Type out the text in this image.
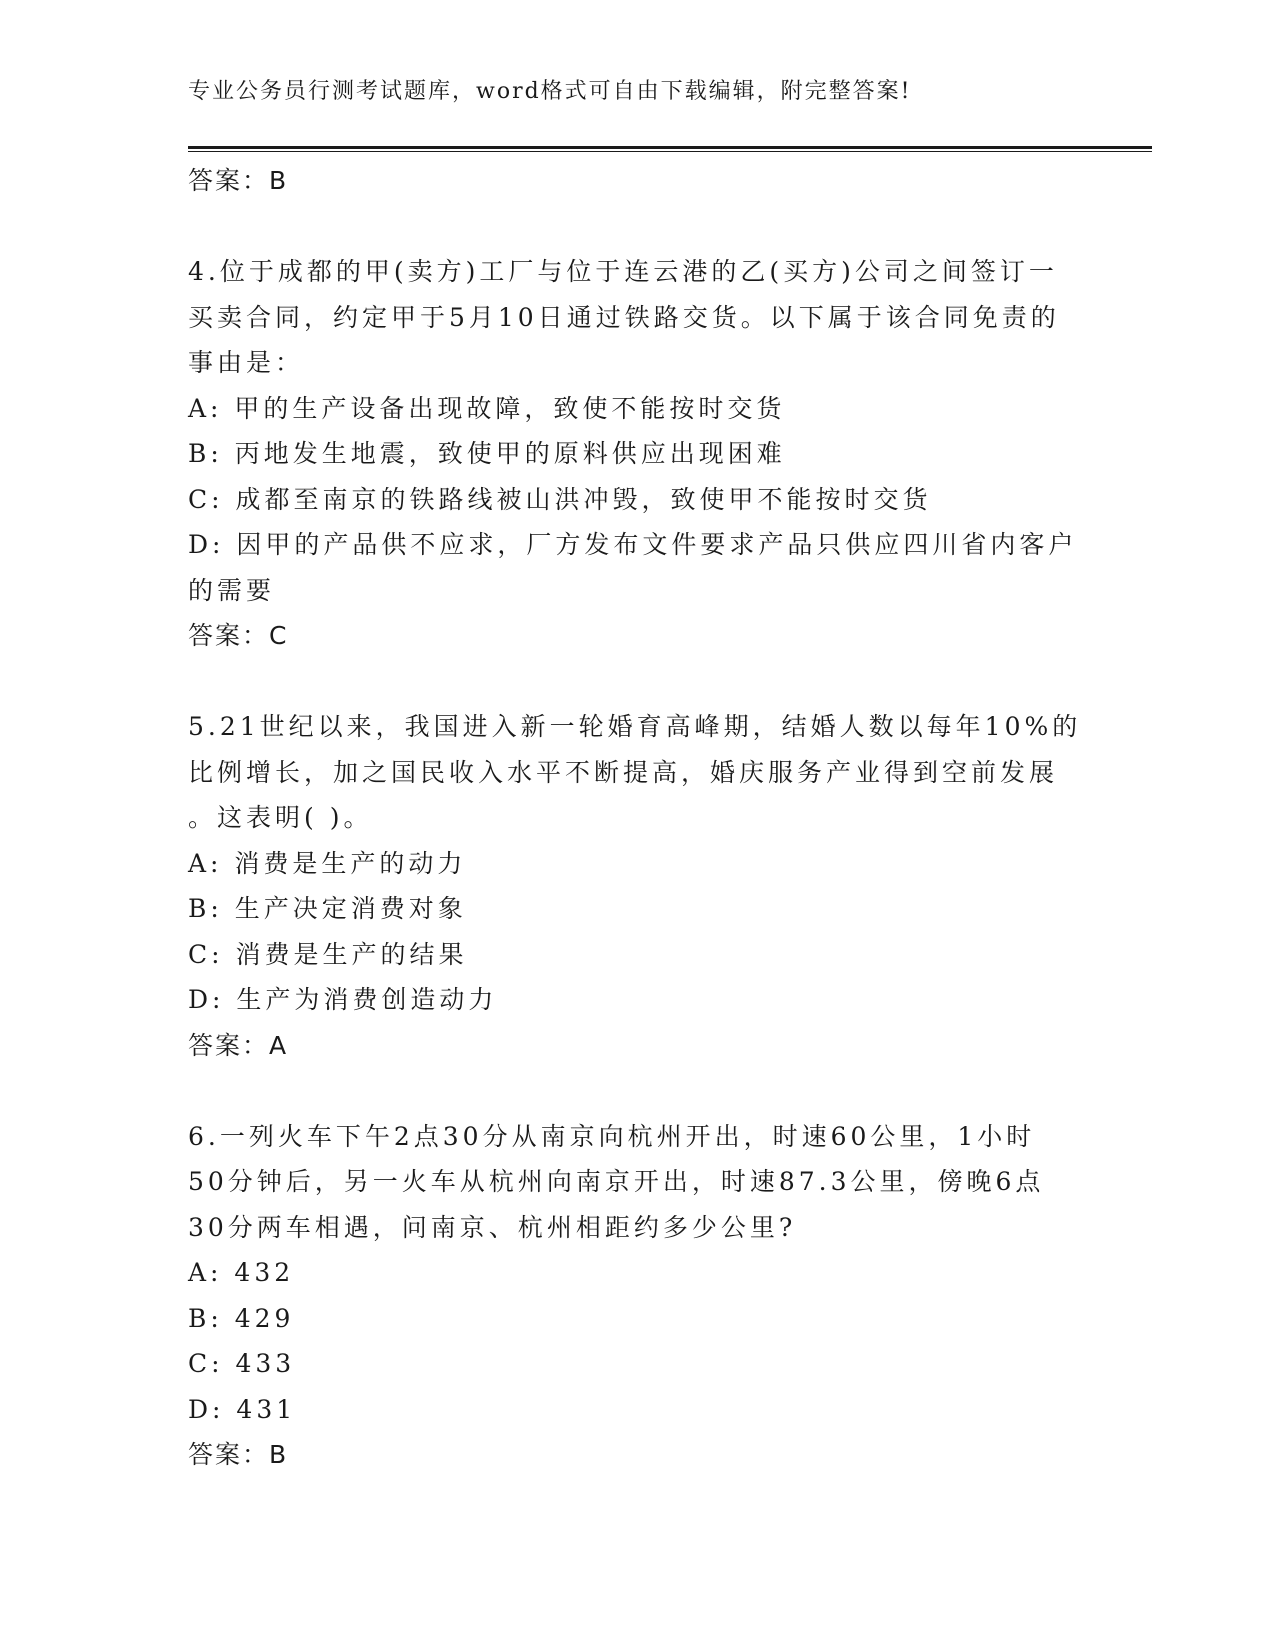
专业公务员行测考试题库，word格式可自由下载编辑，附完整答案!
答案：B
4.位于成都的甲(卖方)工厂与位于连云港的乙(买方)公司之间签订一
买卖合同，约定甲于5月10日通过铁路交货。以下属于该合同免责的
事由是：
A: 甲的生产设备出现故障，致使不能按时交货
B: 丙地发生地震，致使甲的原料供应出现困难
C: 成都至南京的铁路线被山洪冲毁，致使甲不能按时交货
D: 因甲的产品供不应求，厂方发布文件要求产品只供应四川省内客户
的需要
答案：C
5.21世纪以来，我国进入新一轮婚育高峰期，结婚人数以每年10%的
比例增长，加之国民收入水平不断提高，婚庆服务产业得到空前发展
。这表明( )。
A: 消费是生产的动力
B: 生产决定消费对象
C: 消费是生产的结果
D: 生产为消费创造动力
答案：A
6.一列火车下午2点30分从南京向杭州开出，时速60公里，1小时
50分钟后，另一火车从杭州向南京开出，时速87.3公里，傍晚6点
30分两车相遇，问南京、杭州相距约多少公里?
A: 432
B: 429
C: 433
D: 431
答案：B
